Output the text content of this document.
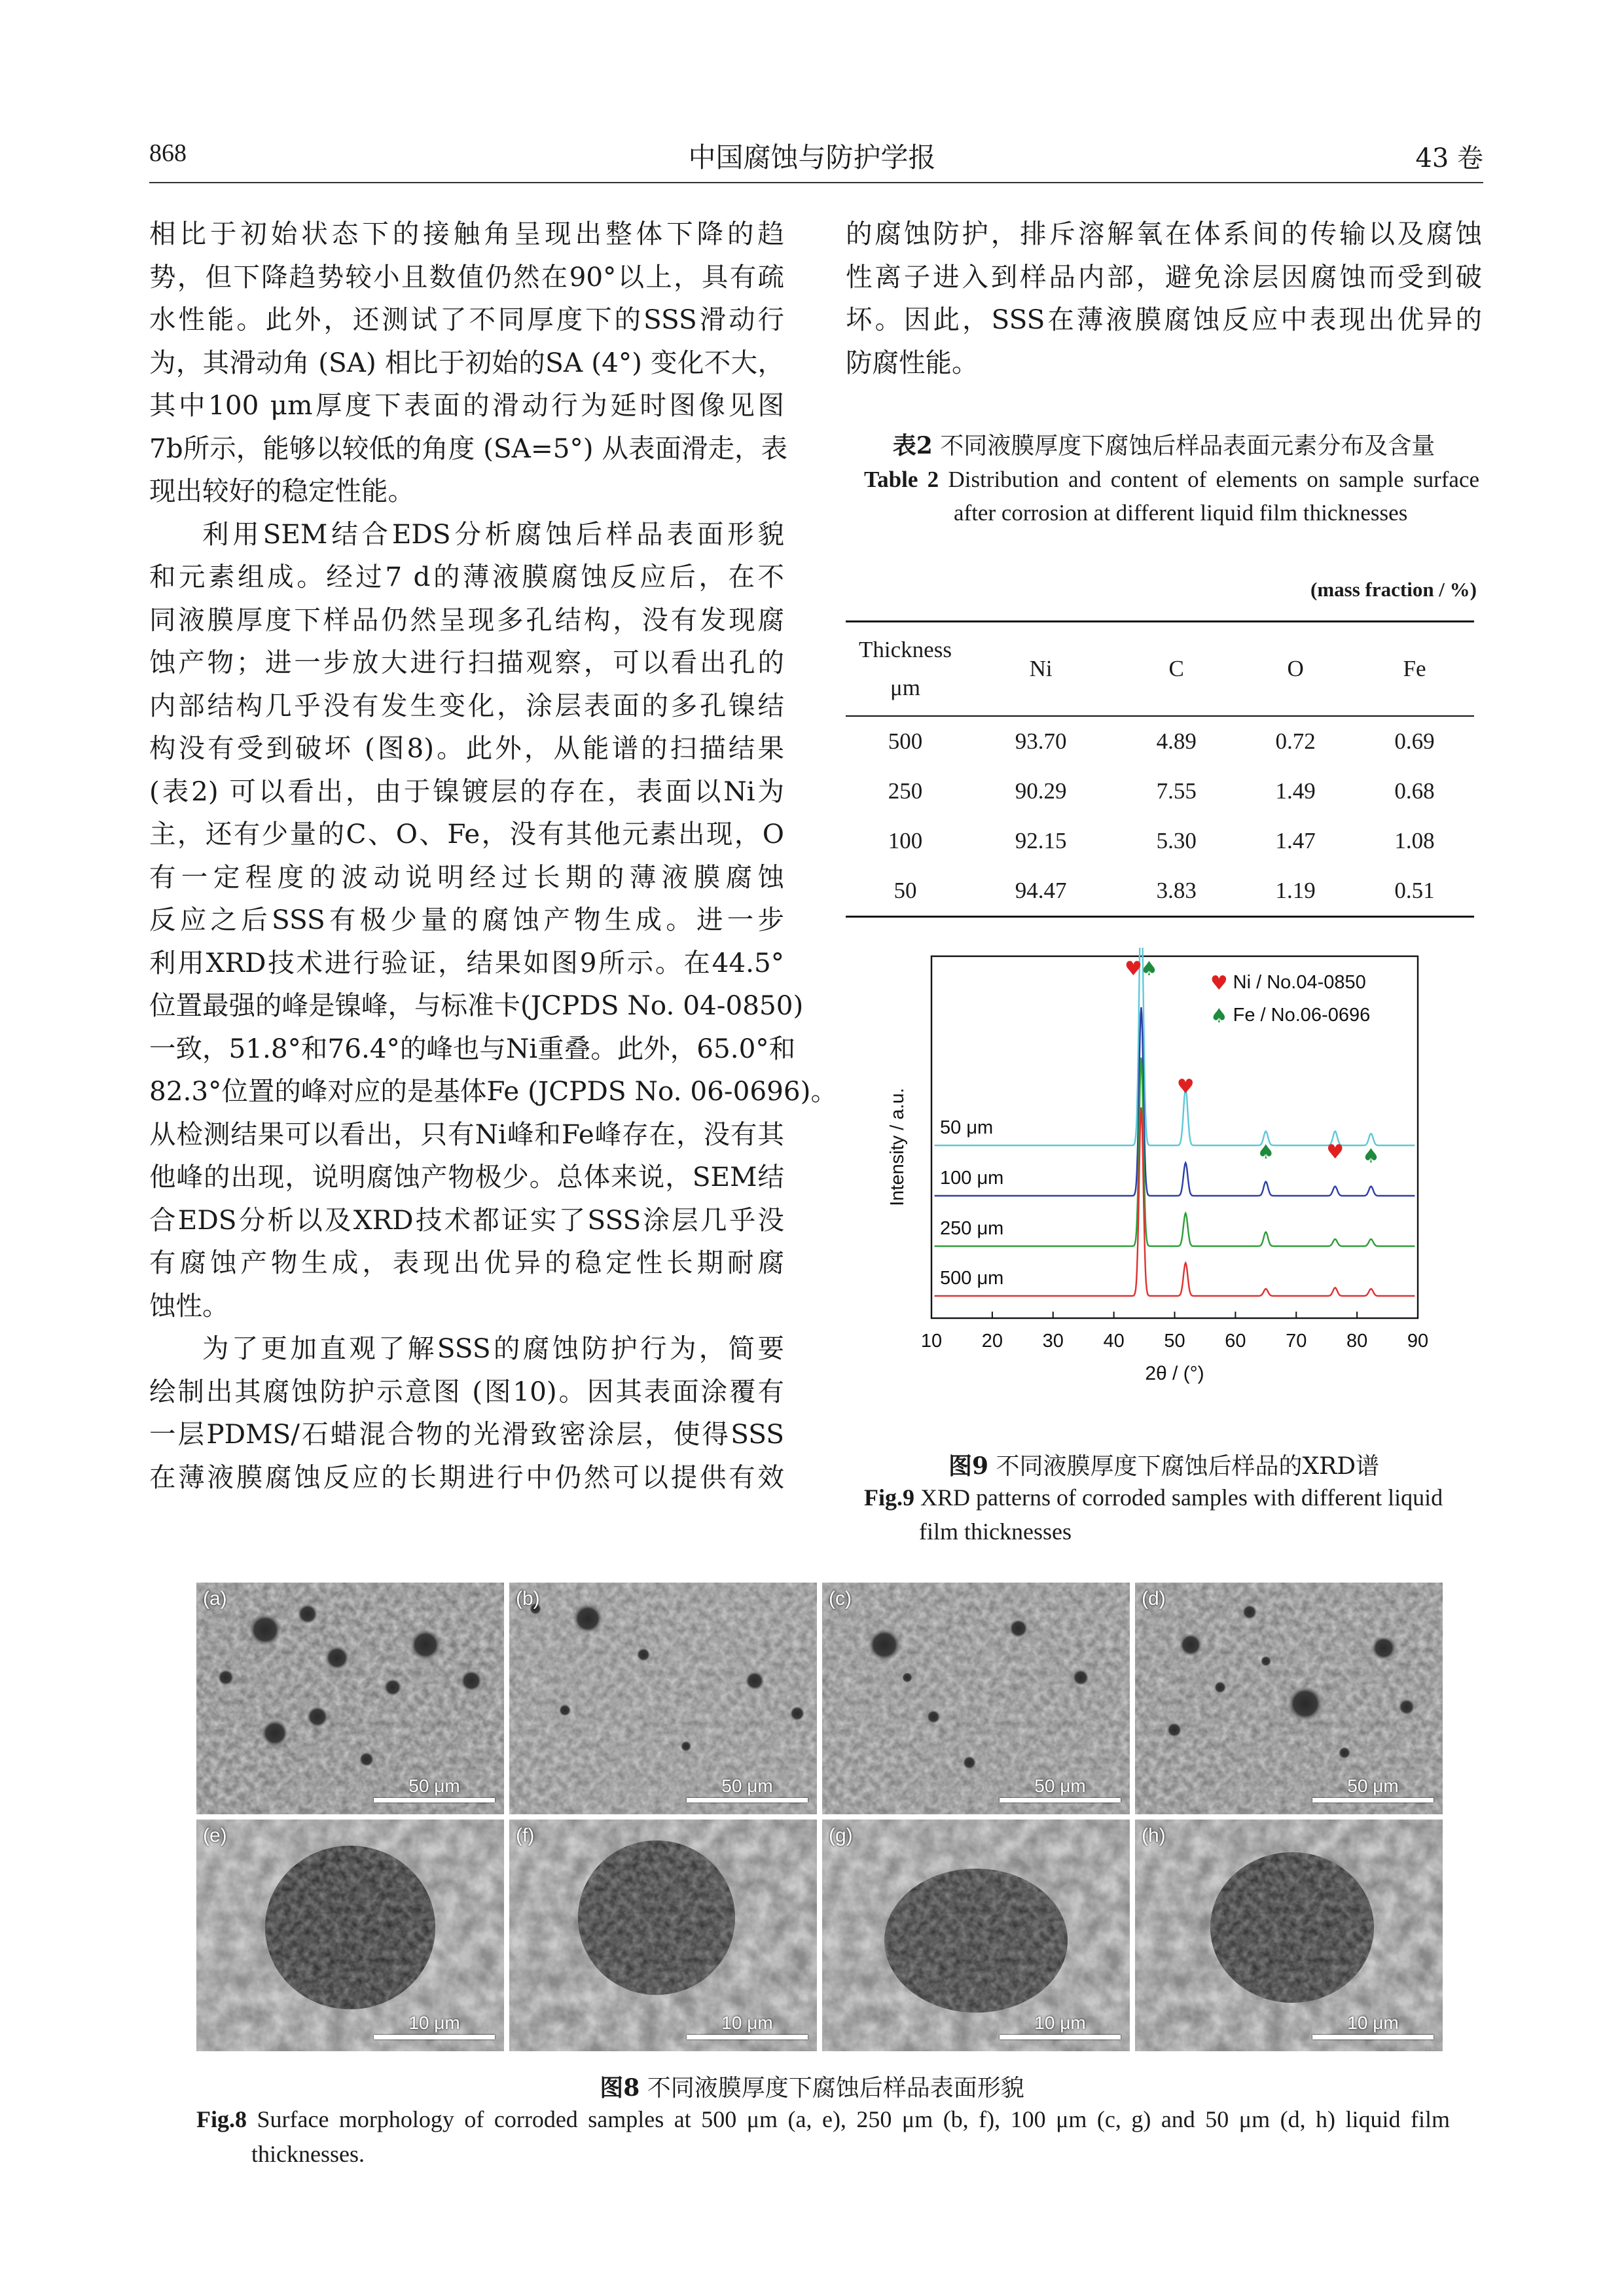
868	中国腐蚀与防护学报	43 卷
相比于初始状态下的接触角呈现出整体下降的趋
势，但下降趋势较小且数值仍然在90°以上，具有疏
水性能。此外，还测试了不同厚度下的SSS滑动行
为，其滑动角 (SA) 相比于初始的SA (4°) 变化不大，
其中100 μm厚度下表面的滑动行为延时图像见图
7b所示，能够以较低的角度 (SA=5°) 从表面滑走，表
现出较好的稳定性能。
利用SEM结合EDS分析腐蚀后样品表面形貌
和元素组成。经过7 d的薄液膜腐蚀反应后，在不
同液膜厚度下样品仍然呈现多孔结构，没有发现腐
蚀产物；进一步放大进行扫描观察，可以看出孔的
内部结构几乎没有发生变化，涂层表面的多孔镍结
构没有受到破坏 (图8)。此外，从能谱的扫描结果
(表2) 可以看出，由于镍镀层的存在，表面以Ni为
主，还有少量的C、O、Fe，没有其他元素出现，O
有一定程度的波动说明经过长期的薄液膜腐蚀
反应之后SSS有极少量的腐蚀产物生成。进一步
利用XRD技术进行验证，结果如图9所示。在44.5°
位置最强的峰是镍峰，与标准卡(JCPDS No. 04-0850)
一致，51.8°和76.4°的峰也与Ni重叠。此外，65.0°和
82.3°位置的峰对应的是基体Fe (JCPDS No. 06-0696)。
从检测结果可以看出，只有Ni峰和Fe峰存在，没有其
他峰的出现，说明腐蚀产物极少。总体来说，SEM结
合EDS分析以及XRD技术都证实了SSS涂层几乎没
有腐蚀产物生成，表现出优异的稳定性长期耐腐
蚀性。
为了更加直观了解SSS的腐蚀防护行为，简要
绘制出其腐蚀防护示意图 (图10)。因其表面涂覆有
一层PDMS/石蜡混合物的光滑致密涂层，使得SSS
在薄液膜腐蚀反应的长期进行中仍然可以提供有效
的腐蚀防护，排斥溶解氧在体系间的传输以及腐蚀
性离子进入到样品内部，避免涂层因腐蚀而受到破
坏。因此，SSS在薄液膜腐蚀反应中表现出优异的
防腐性能。
表2 不同液膜厚度下腐蚀后样品表面元素分布及含量
Table 2 Distribution and content of elements on sample surface after corrosion at different liquid film thicknesses
(mass fraction / %)
Thickness
μm	Ni	C	O	Fe
500	93.70	4.89	0.72	0.69
250	90.29	7.55	1.49	0.68
100	92.15	5.30	1.47	1.08
50	94.47	3.83	1.19	0.51
10 20 30 40 50 60 70 80 90
2θ / (°)
Intensity / a.u. 50 μm
100 μm
250 μm
500 μm
♥
♠
♥
♠	♥ ♠
♥ Ni / No.04-0850
♠ Fe / No.06-0696
图9 不同液膜厚度下腐蚀后样品的XRD谱
Fig.9 XRD patterns of corroded samples with different liquid film thicknesses
(a)
50 μm
(b)
50 μm
(c)
50 μm
(d)
50 μm
(e)
10 μm
(f)
10 μm
(g)
10 μm
(h)
10 μm
图8 不同液膜厚度下腐蚀后样品表面形貌
Fig.8 Surface morphology of corroded samples at 500 μm (a, e), 250 μm (b, f), 100 μm (c, g) and 50 μm (d, h) liquid film thicknesses.
